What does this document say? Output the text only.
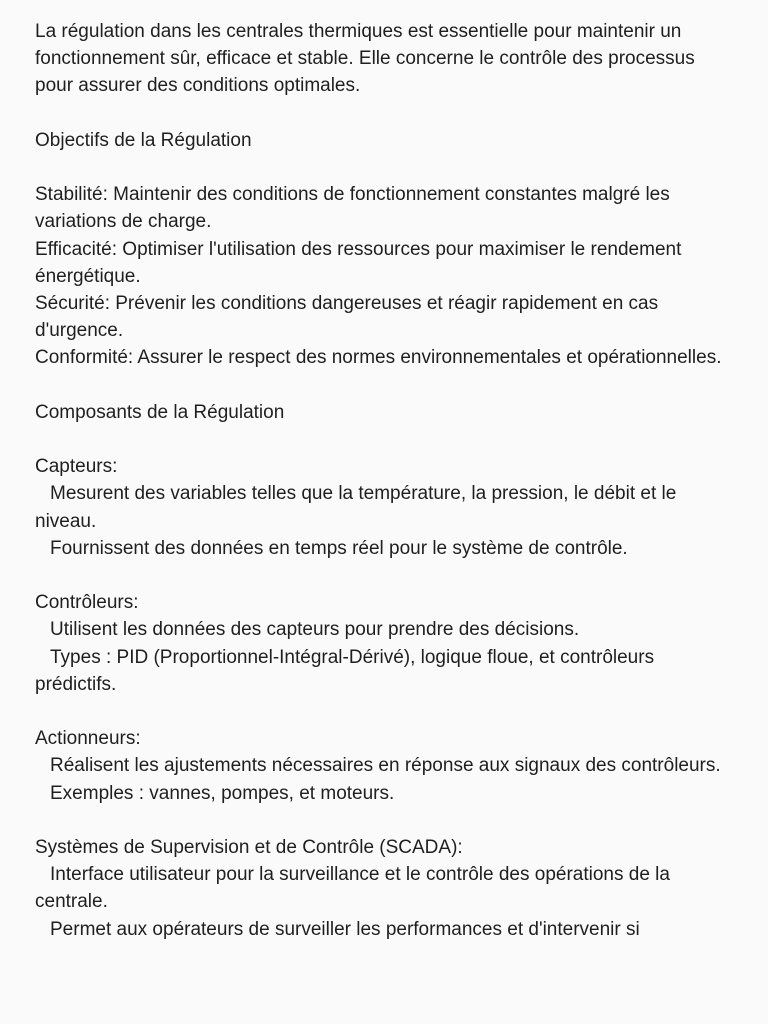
La régulation dans les centrales thermiques est essentielle pour maintenir un fonctionnement sûr, efficace et stable. Elle concerne le contrôle des processus pour assurer des conditions optimales.

Objectifs de la Régulation

Stabilité: Maintenir des conditions de fonctionnement constantes malgré les variations de charge.

Efficacité: Optimiser l'utilisation des ressources pour maximiser le rendement énergétique.

Sécurité: Prévenir les conditions dangereuses et réagir rapidement en cas d'urgence.

Conformité: Assurer le respect des normes environnementales et opérationnelles.

Composants de la Régulation

Capteurs:

Mesurent des variables telles que la température, la pression, le débit et le niveau.

Fournissent des données en temps réel pour le système de contrôle.

Contrôleurs:

Utilisent les données des capteurs pour prendre des décisions.

Types : PID (Proportionnel-Intégral-Dérivé), logique floue, et contrôleurs prédictifs.

Actionneurs:

Réalisent les ajustements nécessaires en réponse aux signaux des contrôleurs.

Exemples : vannes, pompes, et moteurs.

Systèmes de Supervision et de Contrôle (SCADA):

Interface utilisateur pour la surveillance et le contrôle des opérations de la centrale.

Permet aux opérateurs de surveiller les performances et d'intervenir si
